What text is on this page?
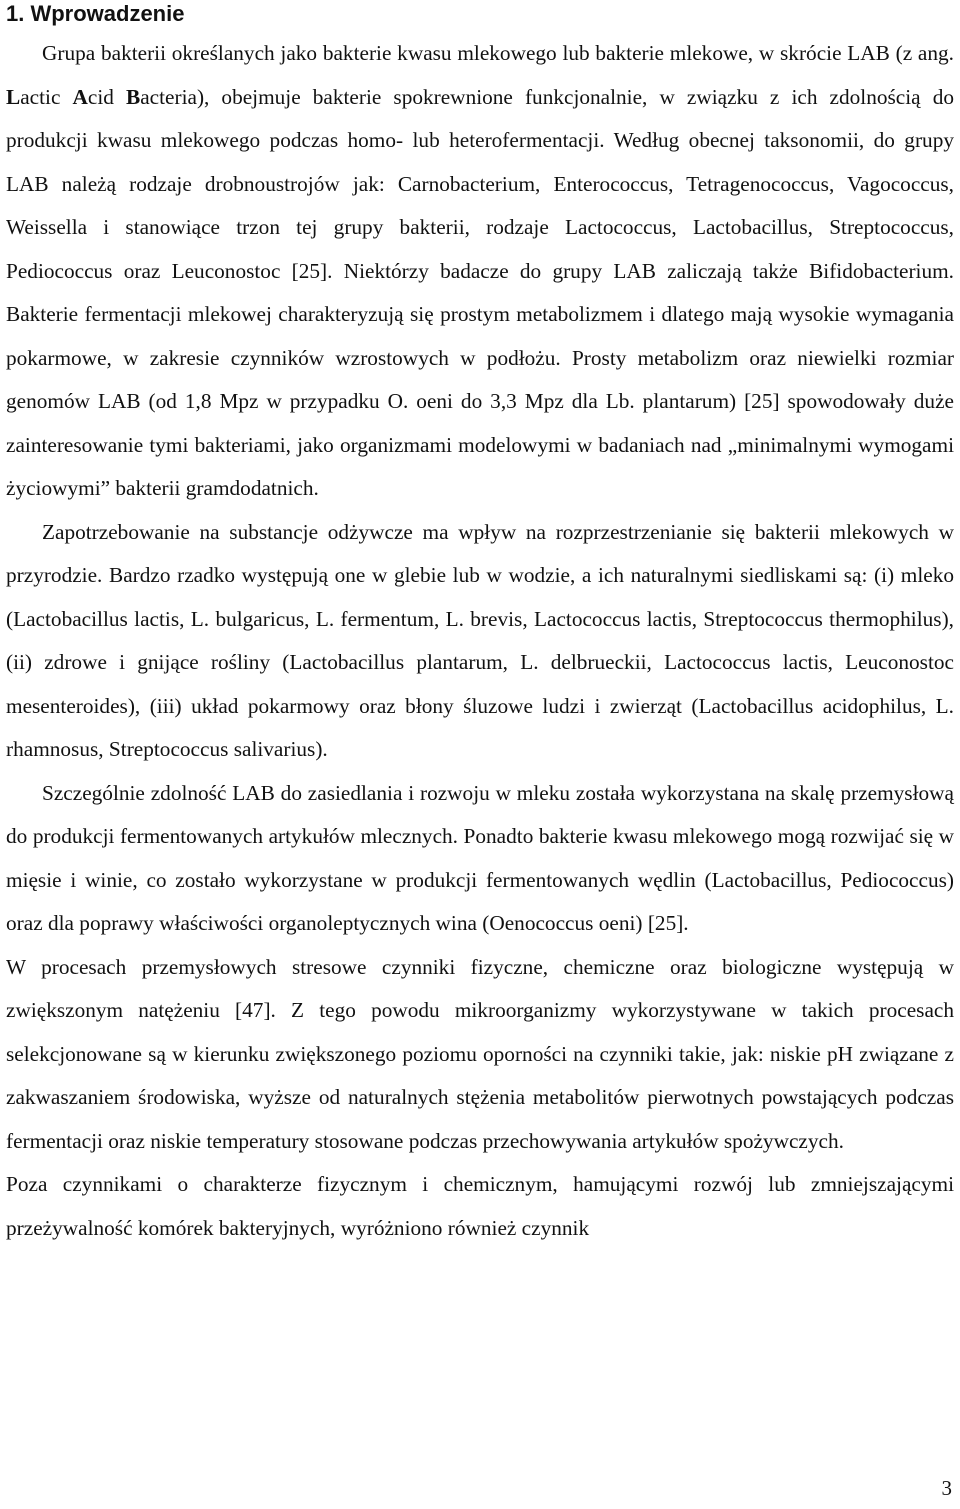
1. Wprowadzenie

Grupa bakterii określanych jako bakterie kwasu mlekowego lub bakterie mlekowe, w skrócie LAB (z ang. Lactic Acid Bacteria), obejmuje bakterie spokrewnione funkcjonalnie, w związku z ich zdolnością do produkcji kwasu mlekowego podczas homo- lub heterofermentacji. Według obecnej taksonomii, do grupy LAB należą rodzaje drobnoustrojów jak: Carnobacterium, Enterococcus, Tetragenococcus, Vagococcus, Weissella i stanowiące trzon tej grupy bakterii, rodzaje Lactococcus, Lactobacillus, Streptococcus, Pediococcus oraz Leuconostoc [25]. Niektórzy badacze do grupy LAB zaliczają także Bifidobacterium. Bakterie fermentacji mlekowej charakteryzują się prostym metabolizmem i dlatego mają wysokie wymagania pokarmowe, w zakresie czynników wzrostowych w podłożu. Prosty metabolizm oraz niewielki rozmiar genomów LAB (od 1,8 Mpz w przypadku O. oeni do 3,3 Mpz dla Lb. plantarum) [25] spowodowały duże zainteresowanie tymi bakteriami, jako organizmami modelowymi w badaniach nad „minimalnymi wymogami życiowymi” bakterii gramdodatnich.

Zapotrzebowanie na substancje odżywcze ma wpływ na rozprzestrzenianie się bakterii mlekowych w przyrodzie. Bardzo rzadko występują one w glebie lub w wodzie, a ich naturalnymi siedliskami są: (i) mleko (Lactobacillus lactis, L. bulgaricus, L. fermentum, L. brevis, Lactococcus lactis, Streptococcus thermophilus), (ii) zdrowe i gnijące rośliny (Lactobacillus plantarum, L. delbrueckii, Lactococcus lactis, Leuconostoc mesenteroides), (iii) układ pokarmowy oraz błony śluzowe ludzi i zwierząt (Lactobacillus acidophilus, L. rhamnosus, Streptococcus salivarius).

Szczególnie zdolność LAB do zasiedlania i rozwoju w mleku została wykorzystana na skalę przemysłową do produkcji fermentowanych artykułów mlecznych. Ponadto bakterie kwasu mlekowego mogą rozwijać się w mięsie i winie, co zostało wykorzystane w produkcji fermentowanych wędlin (Lactobacillus, Pediococcus) oraz dla poprawy właściwości organoleptycznych wina (Oenococcus oeni) [25].

W procesach przemysłowych stresowe czynniki fizyczne, chemiczne oraz biologiczne występują w zwiększonym natężeniu [47]. Z tego powodu mikroorganizmy wykorzystywane w takich procesach selekcjonowane są w kierunku zwiększonego poziomu oporności na czynniki takie, jak: niskie pH związane z zakwaszaniem środowiska, wyższe od naturalnych stężenia metabolitów pierwotnych powstających podczas fermentacji oraz niskie temperatury stosowane podczas przechowywania artykułów spożywczych.

Poza czynnikami o charakterze fizycznym i chemicznym, hamującymi rozwój lub zmniejszającymi przeżywalność komórek bakteryjnych, wyróżniono również czynnik

3
